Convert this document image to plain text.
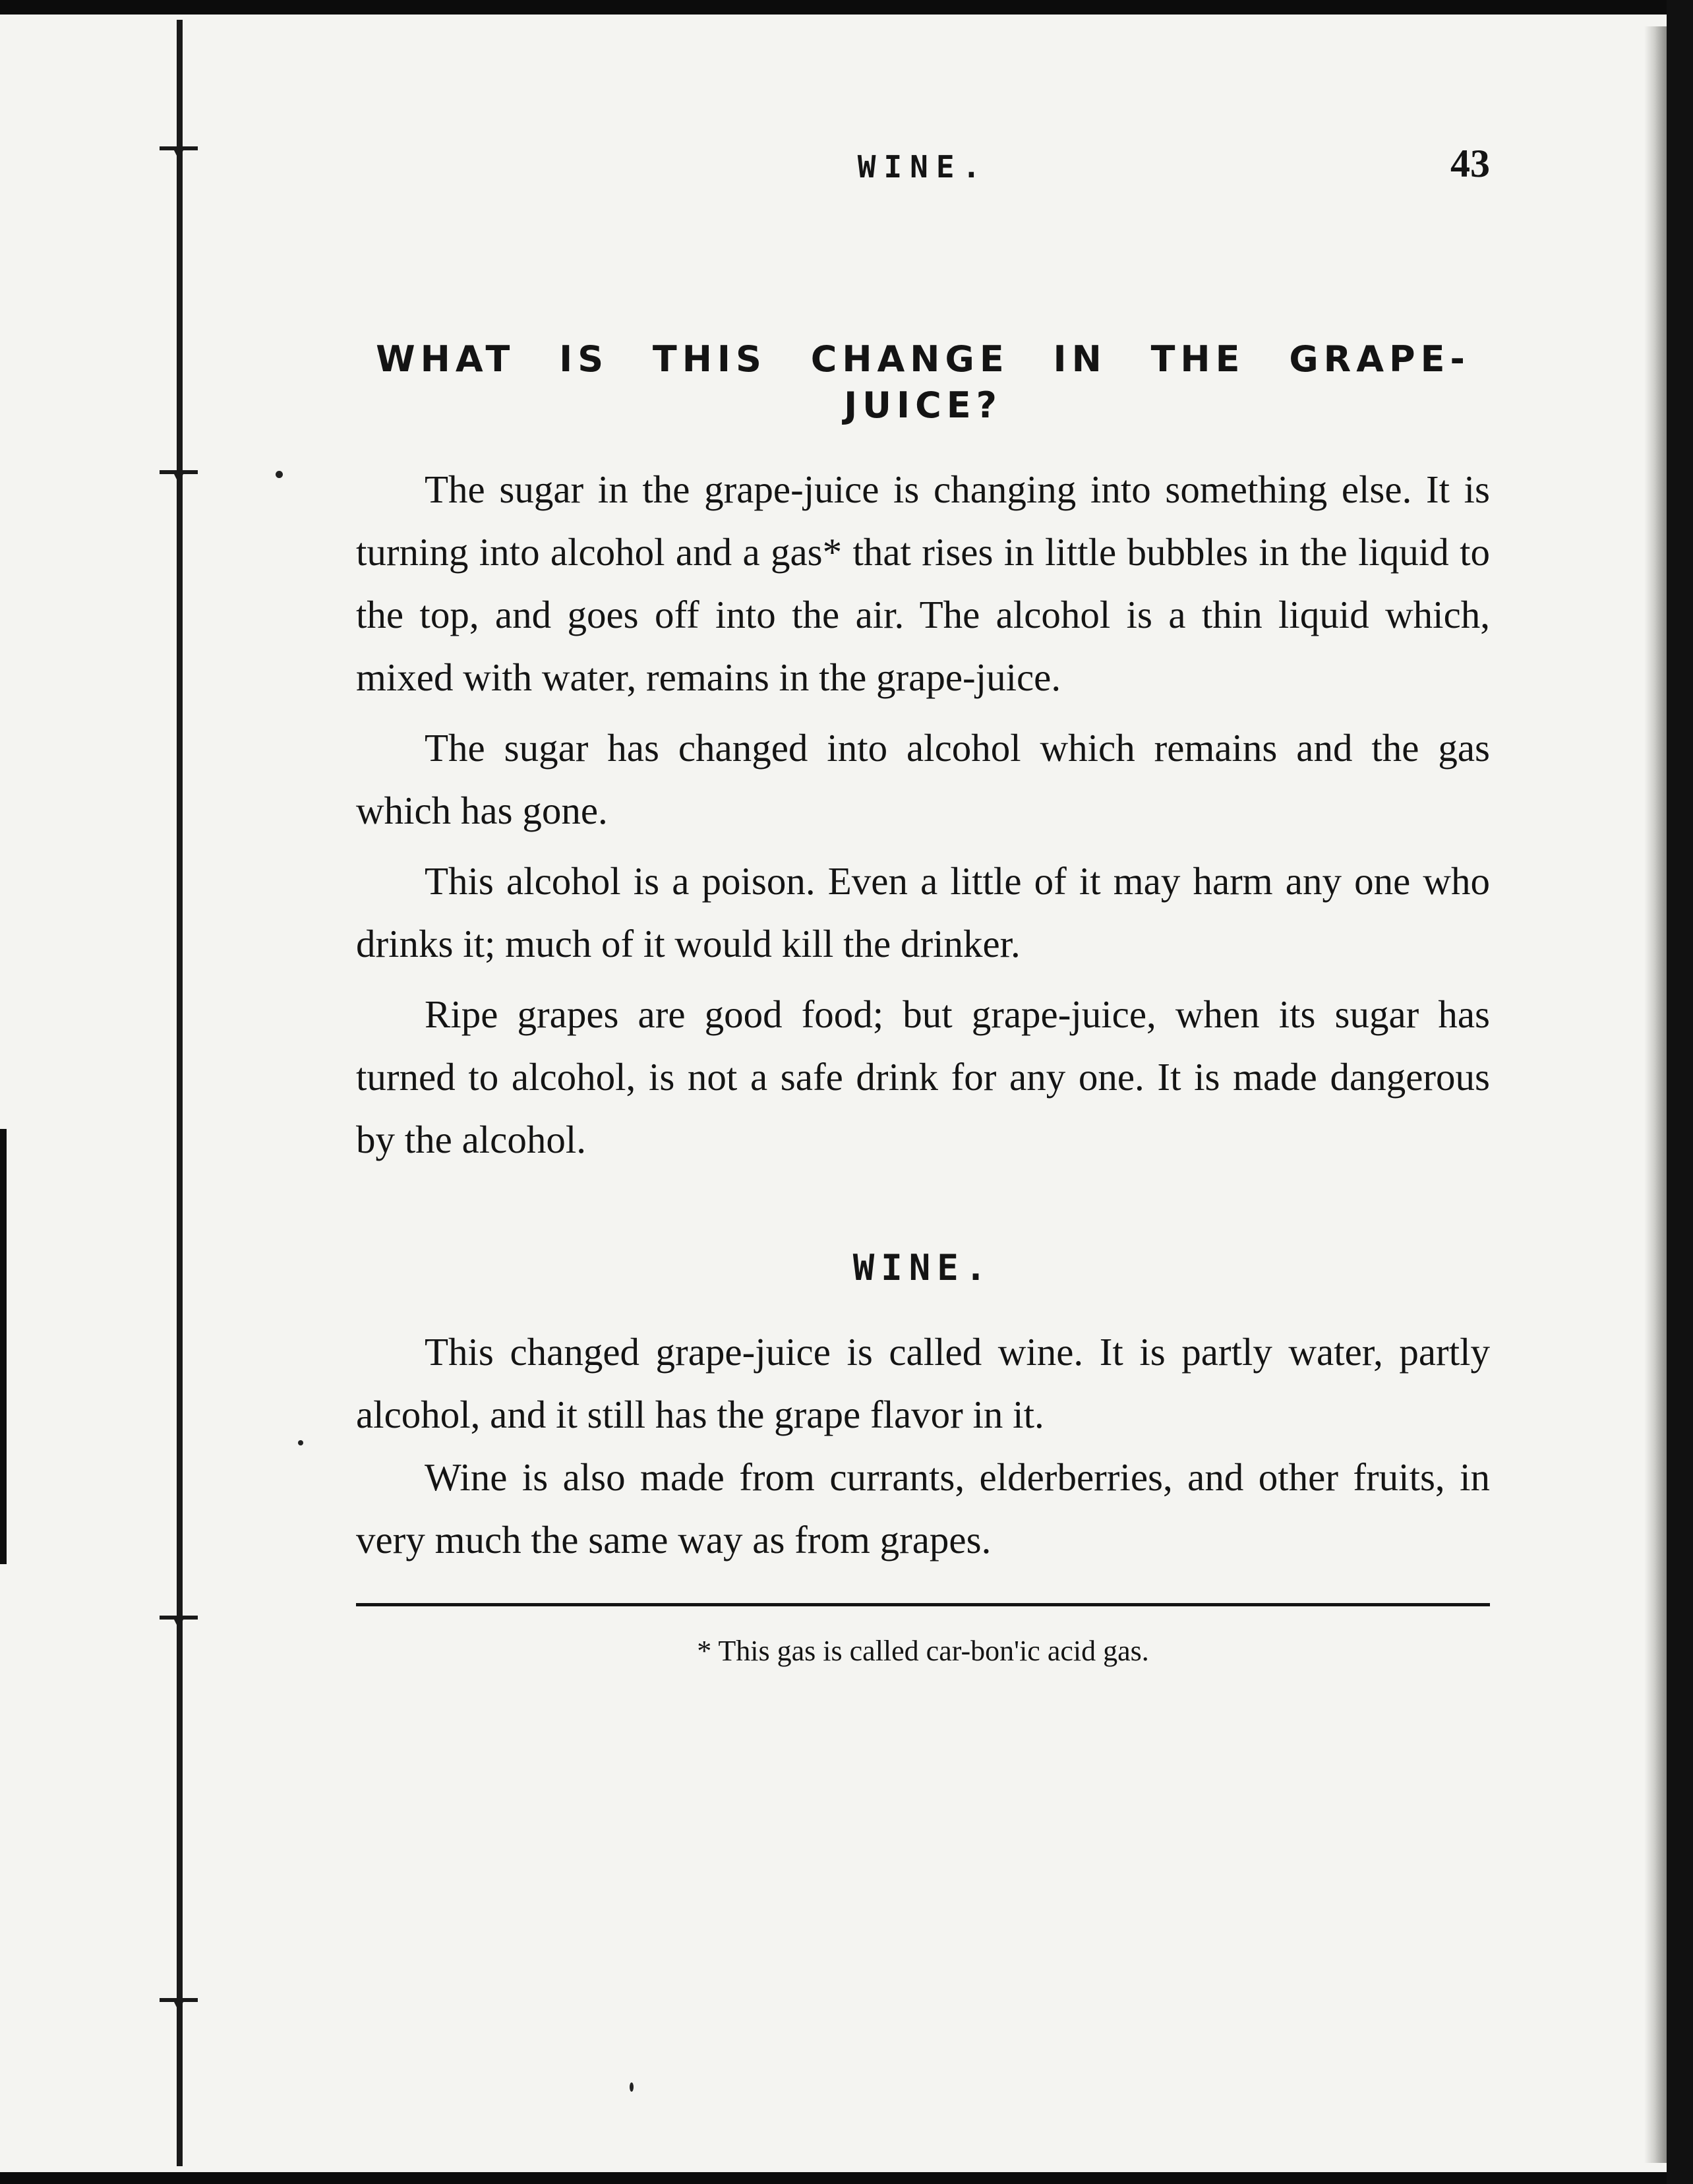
WINE.	43
WHAT IS THIS CHANGE IN THE GRAPE-JUICE?

The sugar in the grape-juice is changing into something else. It is turning into alcohol and a gas* that rises in little bubbles in the liquid to the top, and goes off into the air. The alcohol is a thin liquid which, mixed with water, remains in the grape-juice.

The sugar has changed into alcohol which remains and the gas which has gone.

This alcohol is a poison. Even a little of it may harm any one who drinks it; much of it would kill the drinker.

Ripe grapes are good food; but grape-juice, when its sugar has turned to alcohol, is not a safe drink for any one. It is made dangerous by the alcohol.

WINE.

This changed grape-juice is called wine. It is partly water, partly alcohol, and it still has the grape flavor in it.

Wine is also made from currants, elderberries, and other fruits, in very much the same way as from grapes.

* This gas is called car-bon'ic acid gas.
